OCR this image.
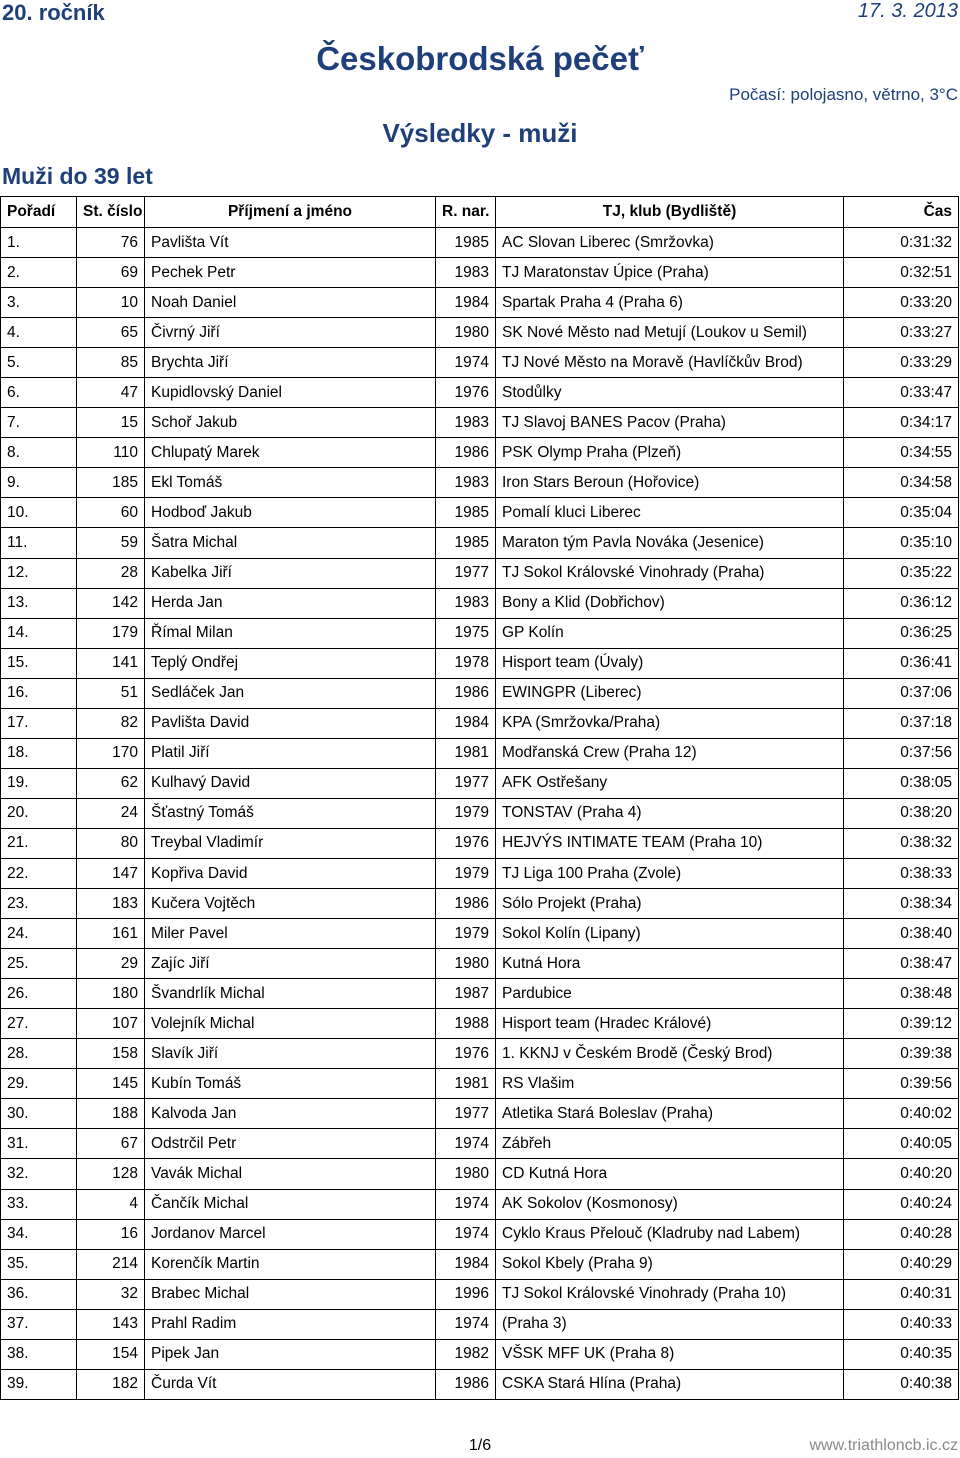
20. ročník	17. 3. 2013
Českobrodská pečeť
Počasí: polojasno, větrno, 3°C
Výsledky - muži
Muži do 39 let
Pořadí	St. číslo	Příjmení a jméno	R. nar.	TJ, klub (Bydliště)	Čas
1.	76	Pavlišta Vít	1985	AC Slovan Liberec (Smržovka)	0:31:32
2.	69	Pechek Petr	1983	TJ Maratonstav Úpice (Praha)	0:32:51
3.	10	Noah Daniel	1984	Spartak Praha 4 (Praha 6)	0:33:20
4.	65	Čivrný Jiří	1980	SK Nové Město nad Metují (Loukov u Semil)	0:33:27
5.	85	Brychta Jiří	1974	TJ Nové Město na Moravě (Havlíčkův Brod)	0:33:29
6.	47	Kupidlovský Daniel	1976	Stodůlky	0:33:47
7.	15	Schoř Jakub	1983	TJ Slavoj BANES Pacov (Praha)	0:34:17
8.	110	Chlupatý Marek	1986	PSK Olymp Praha (Plzeň)	0:34:55
9.	185	Ekl Tomáš	1983	Iron Stars Beroun (Hořovice)	0:34:58
10.	60	Hodboď Jakub	1985	Pomalí kluci Liberec	0:35:04
11.	59	Šatra Michal	1985	Maraton tým Pavla Nováka (Jesenice)	0:35:10
12.	28	Kabelka Jiří	1977	TJ Sokol Královské Vinohrady (Praha)	0:35:22
13.	142	Herda Jan	1983	Bony a Klid (Dobřichov)	0:36:12
14.	179	Římal Milan	1975	GP Kolín	0:36:25
15.	141	Teplý Ondřej	1978	Hisport team (Úvaly)	0:36:41
16.	51	Sedláček Jan	1986	EWINGPR (Liberec)	0:37:06
17.	82	Pavlišta David	1984	KPA (Smržovka/Praha)	0:37:18
18.	170	Platil Jiří	1981	Modřanská Crew (Praha 12)	0:37:56
19.	62	Kulhavý David	1977	AFK Ostřešany	0:38:05
20.	24	Šťastný Tomáš	1979	TONSTAV (Praha 4)	0:38:20
21.	80	Treybal Vladimír	1976	HEJVÝS INTIMATE TEAM (Praha 10)	0:38:32
22.	147	Kopřiva David	1979	TJ Liga 100 Praha (Zvole)	0:38:33
23.	183	Kučera Vojtěch	1986	Sólo Projekt (Praha)	0:38:34
24.	161	Miler Pavel	1979	Sokol Kolín (Lipany)	0:38:40
25.	29	Zajíc Jiří	1980	Kutná Hora	0:38:47
26.	180	Švandrlík Michal	1987	Pardubice	0:38:48
27.	107	Volejník Michal	1988	Hisport team (Hradec Králové)	0:39:12
28.	158	Slavík Jiří	1976	1. KKNJ v Českém Brodě (Český Brod)	0:39:38
29.	145	Kubín Tomáš	1981	RS Vlašim	0:39:56
30.	188	Kalvoda Jan	1977	Atletika Stará Boleslav (Praha)	0:40:02
31.	67	Odstrčil Petr	1974	Zábřeh	0:40:05
32.	128	Vavák Michal	1980	CD Kutná Hora	0:40:20
33.	4	Čančík Michal	1974	AK Sokolov (Kosmonosy)	0:40:24
34.	16	Jordanov Marcel	1974	Cyklo Kraus Přelouč (Kladruby nad Labem)	0:40:28
35.	214	Korenčík Martin	1984	Sokol Kbely (Praha 9)	0:40:29
36.	32	Brabec Michal	1996	TJ Sokol Královské Vinohrady (Praha 10)	0:40:31
37.	143	Prahl Radim	1974	(Praha 3)	0:40:33
38.	154	Pipek Jan	1982	VŠSK MFF UK (Praha 8)	0:40:35
39.	182	Čurda Vít	1986	CSKA Stará Hlína (Praha)	0:40:38
1/6	www.triathloncb.ic.cz
